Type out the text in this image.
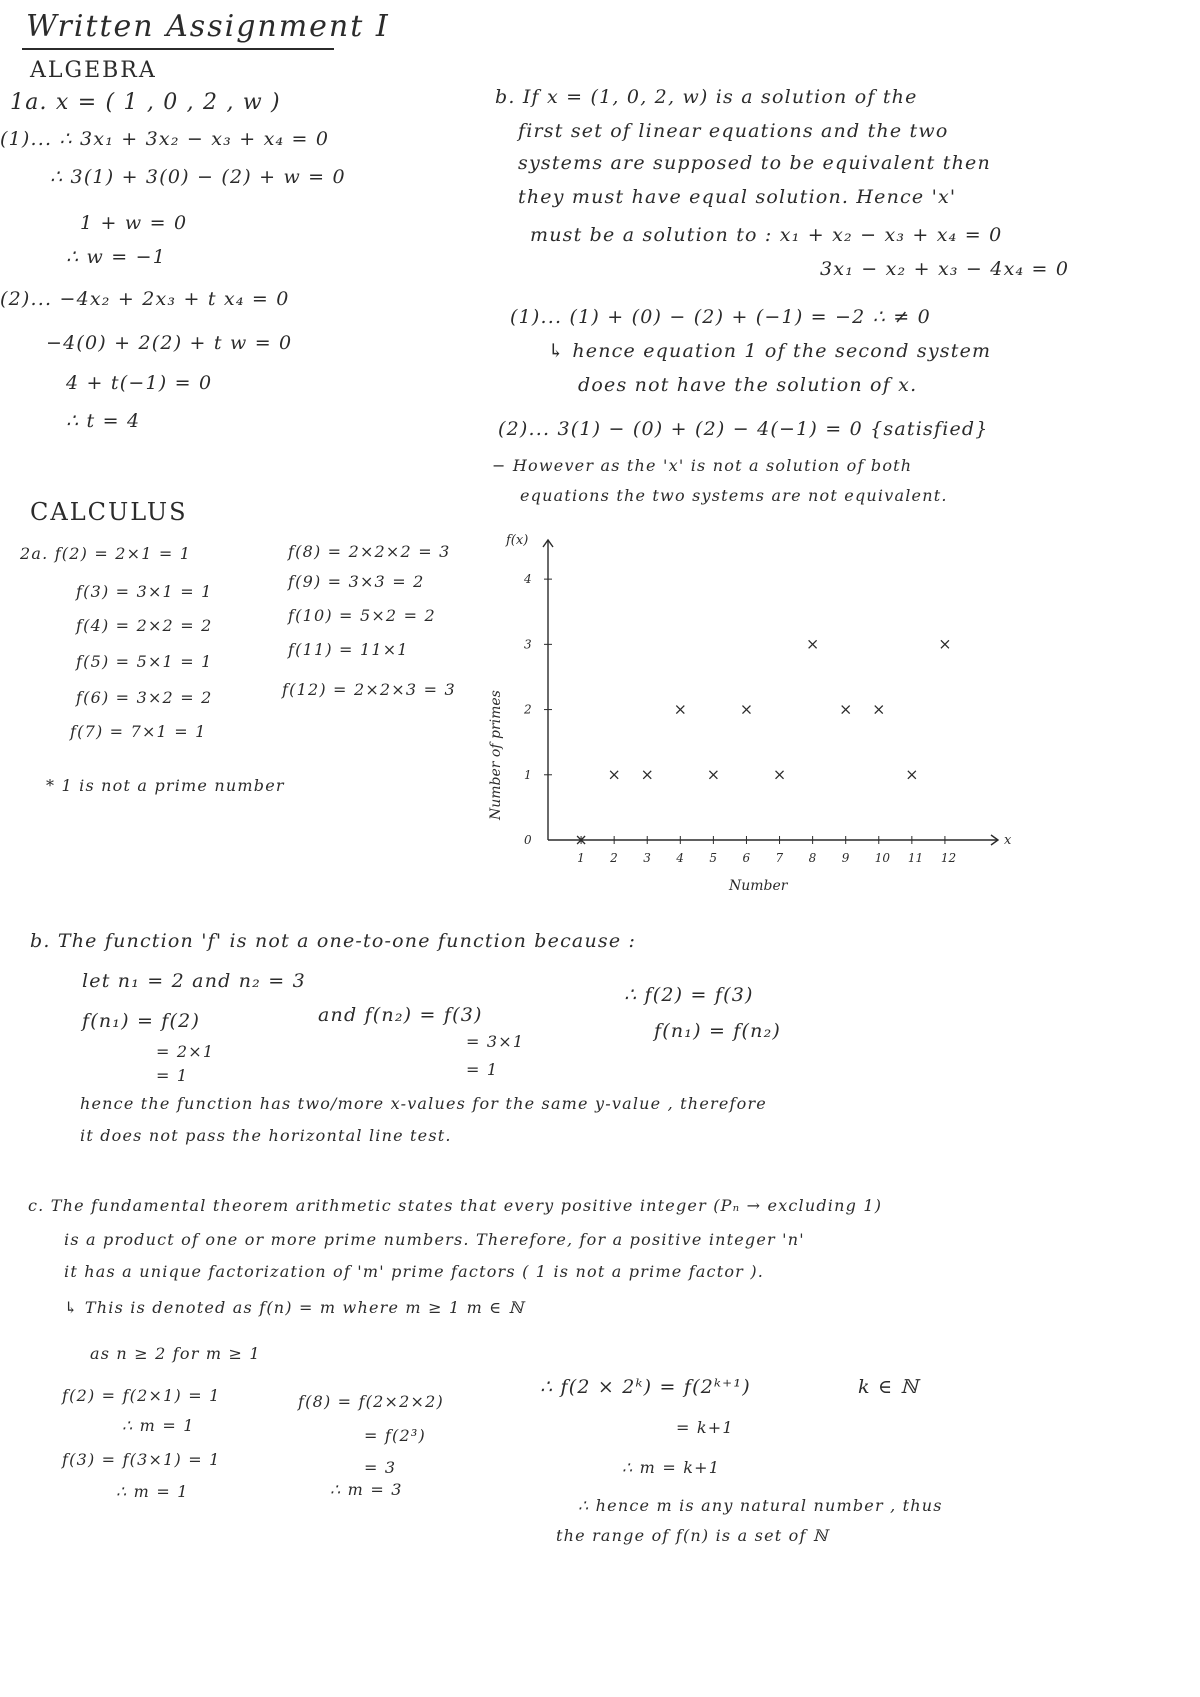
Written Assignment I
ALGEBRA
1a. x = ( 1 , 0 , 2 , w )
(1)... ∴ 3x₁ + 3x₂ − x₃ + x₄ = 0
∴ 3(1) + 3(0) − (2) + w = 0
1 + w = 0
∴ w = −1
(2)... −4x₂ + 2x₃ + t x₄ = 0
−4(0) + 2(2) + t w = 0
4 + t(−1) = 0
∴ t = 4
b. If x = (1, 0, 2, w) is a solution of the
first set of linear equations and the two
systems are supposed to be equivalent then
they must have equal solution. Hence 'x'
must be a solution to : x₁ + x₂ − x₃ + x₄ = 0
3x₁ − x₂ + x₃ − 4x₄ = 0
(1)... (1) + (0) − (2) + (−1) = −2 ∴ ≠ 0
↳ hence equation 1 of the second system
does not have the solution of x.
(2)... 3(1) − (0) + (2) − 4(−1) = 0 {satisfied}
− However as the 'x' is not a solution of both
equations the two systems are not equivalent.
CALCULUS
2a. f(2) = 2×1 = 1
f(3) = 3×1 = 1
f(4) = 2×2 = 2
f(5) = 5×1 = 1
f(6) = 3×2 = 2
f(7) = 7×1 = 1
f(8) = 2×2×2 = 3
f(9) = 3×3 = 2
f(10) = 5×2 = 2
f(11) = 11×1
f(12) = 2×2×3 = 3
* 1 is not a prime number
f(x)
x
1 2 3 4 5 6 7 8 9 10 11 12
0
1
2
3
4
Number
Number of primes
b. The function 'f' is not a one-to-one function because :
let n₁ = 2 and n₂ = 3
f(n₁) = f(2)	and f(n₂) = f(3)
= 2×1
= 3×1
= 1	= 1
∴ f(2) = f(3)
f(n₁) = f(n₂)
hence the function has two/more x-values for the same y-value , therefore
it does not pass the horizontal line test.
c. The fundamental theorem arithmetic states that every positive integer (Pₙ → excluding 1)
is a product of one or more prime numbers. Therefore, for a positive integer 'n'
it has a unique factorization of 'm' prime factors ( 1 is not a prime factor ).
↳ This is denoted as f(n) = m where m ≥ 1 m ∈ ℕ
as n ≥ 2 for m ≥ 1
f(2) = f(2×1) = 1
∴ m = 1
f(3) = f(3×1) = 1
∴ m = 1
f(8) = f(2×2×2)
= f(2³)
= 3
∴ m = 3
∴ f(2 × 2ᵏ) = f(2ᵏ⁺¹)	k ∈ ℕ
= k+1
∴ m = k+1
∴ hence m is any natural number , thus
the range of f(n) is a set of ℕ
